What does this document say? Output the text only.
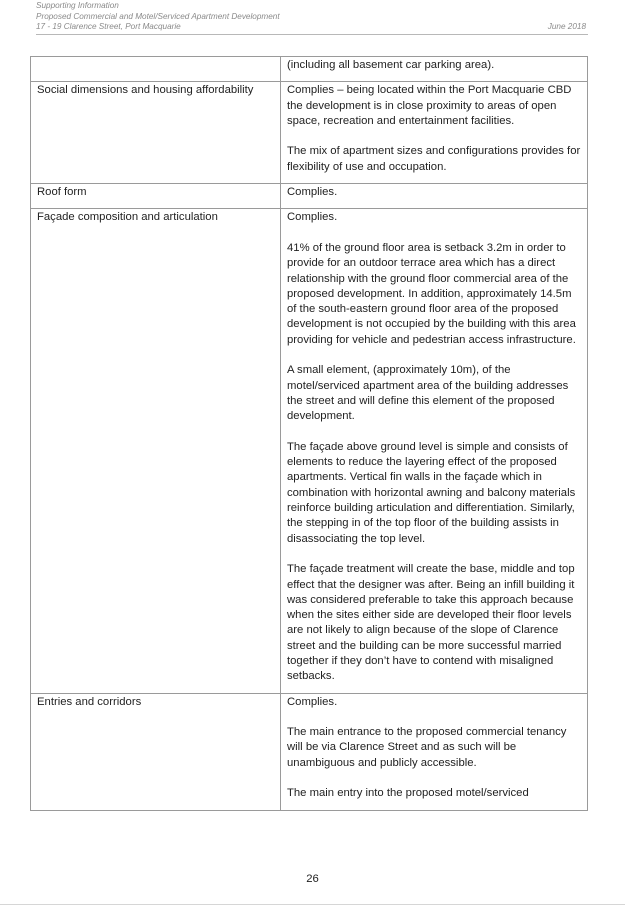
Supporting Information
Proposed Commercial and Motel/Serviced Apartment Development
17 - 19 Clarence Street, Port Macquarie	June 2018

	(including all basement car parking area).

Social dimensions and housing affordability	Complies – being located within the Port Macquarie CBD the development is in close proximity to areas of open space, recreation and entertainment facilities.

The mix of apartment sizes and configurations provides for flexibility of use and occupation.

Roof form	Complies.

Façade composition and articulation	Complies.

41% of the ground floor area is setback 3.2m in order to provide for an outdoor terrace area which has a direct relationship with the ground floor commercial area of the proposed development. In addition, approximately 14.5m of the south-eastern ground floor area of the proposed development is not occupied by the building with this area providing for vehicle and pedestrian access infrastructure.

A small element, (approximately 10m), of the motel/serviced apartment area of the building addresses the street and will define this element of the proposed development.

The façade above ground level is simple and consists of elements to reduce the layering effect of the proposed apartments. Vertical fin walls in the façade which in combination with horizontal awning and balcony materials reinforce building articulation and differentiation. Similarly, the stepping in of the top floor of the building assists in disassociating the top level.

The façade treatment will create the base, middle and top effect that the designer was after. Being an infill building it was considered preferable to take this approach because when the sites either side are developed their floor levels are not likely to align because of the slope of Clarence street and the building can be more successful married together if they don’t have to contend with misaligned setbacks.

Entries and corridors	Complies.

The main entrance to the proposed commercial tenancy will be via Clarence Street and as such will be unambiguous and publicly accessible.

The main entry into the proposed motel/serviced

26
